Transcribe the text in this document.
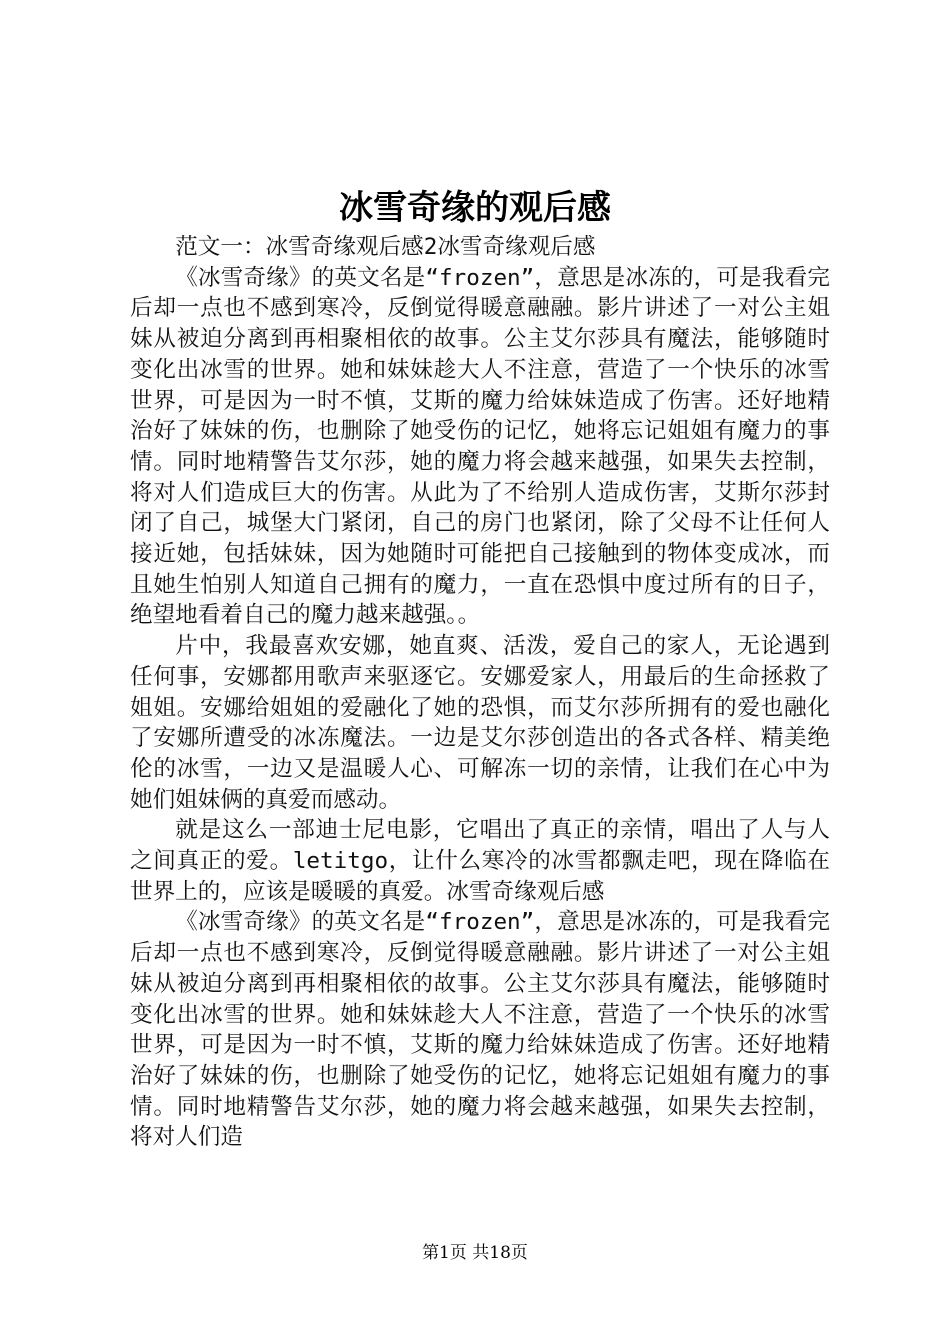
冰雪奇缘的观后感

范文一：冰雪奇缘观后感2冰雪奇缘观后感

《冰雪奇缘》的英文名是“frozen”，意思是冰冻的，可是我看完后却一点也不感到寒冷，反倒觉得暖意融融。影片讲述了一对公主姐妹从被迫分离到再相聚相依的故事。公主艾尔莎具有魔法，能够随时变化出冰雪的世界。她和妹妹趁大人不注意，营造了一个快乐的冰雪世界，可是因为一时不慎，艾斯的魔力给妹妹造成了伤害。还好地精治好了妹妹的伤，也删除了她受伤的记忆，她将忘记姐姐有魔力的事情。同时地精警告艾尔莎，她的魔力将会越来越强，如果失去控制，将对人们造成巨大的伤害。从此为了不给别人造成伤害，艾斯尔莎封闭了自己，城堡大门紧闭，自己的房门也紧闭，除了父母不让任何人接近她，包括妹妹，因为她随时可能把自己接触到的物体变成冰，而且她生怕别人知道自己拥有的魔力，一直在恐惧中度过所有的日子，绝望地看着自己的魔力越来越强。。

片中，我最喜欢安娜，她直爽、活泼，爱自己的家人，无论遇到任何事，安娜都用歌声来驱逐它。安娜爱家人，用最后的生命拯救了姐姐。安娜给姐姐的爱融化了她的恐惧，而艾尔莎所拥有的爱也融化了安娜所遭受的冰冻魔法。一边是艾尔莎创造出的各式各样、精美绝伦的冰雪，一边又是温暖人心、可解冻一切的亲情，让我们在心中为她们姐妹俩的真爱而感动。

就是这么一部迪士尼电影，它唱出了真正的亲情，唱出了人与人之间真正的爱。letitgo，让什么寒冷的冰雪都飘走吧，现在降临在世界上的，应该是暖暖的真爱。冰雪奇缘观后感

《冰雪奇缘》的英文名是“frozen”，意思是冰冻的，可是我看完后却一点也不感到寒冷，反倒觉得暖意融融。影片讲述了一对公主姐妹从被迫分离到再相聚相依的故事。公主艾尔莎具有魔法，能够随时变化出冰雪的世界。她和妹妹趁大人不注意，营造了一个快乐的冰雪世界，可是因为一时不慎，艾斯的魔力给妹妹造成了伤害。还好地精治好了妹妹的伤，也删除了她受伤的记忆，她将忘记姐姐有魔力的事情。同时地精警告艾尔莎，她的魔力将会越来越强，如果失去控制，将对人们造

第1页 共18页
